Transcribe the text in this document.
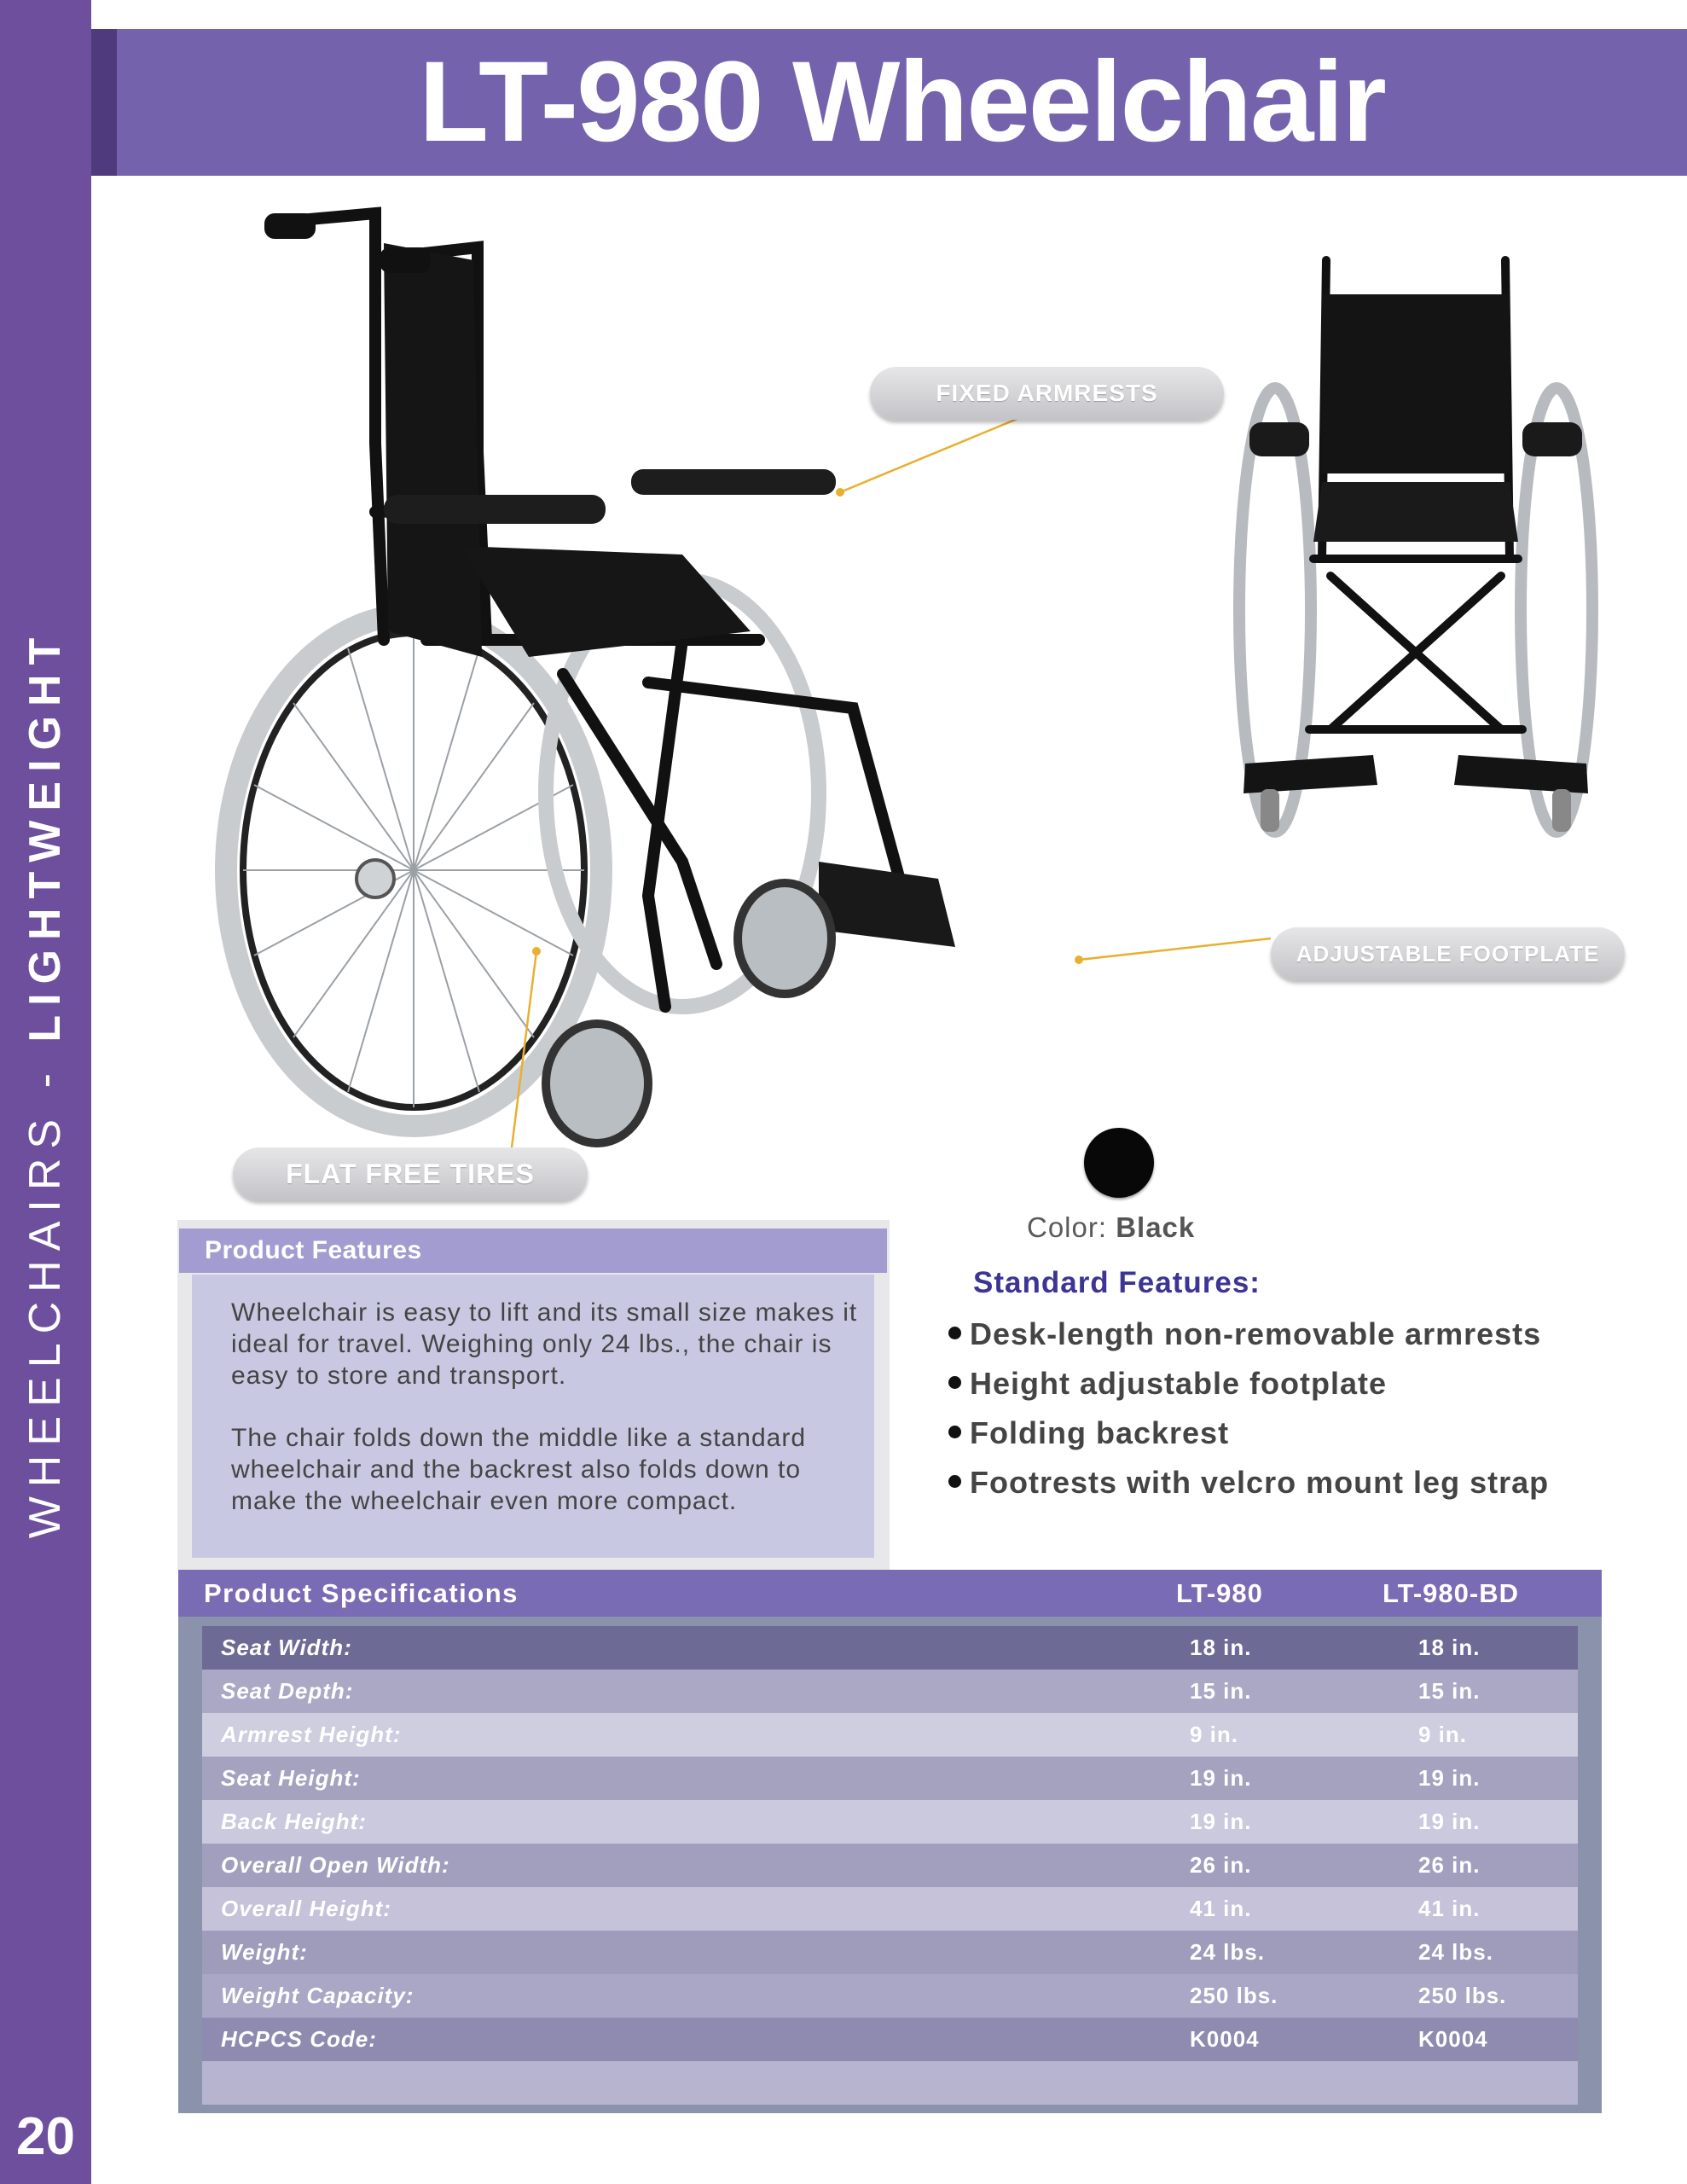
WHEELCHAIRS - LIGHTWEIGHT
20
LT-980 Wheelchair
FIXED ARMRESTS
ADJUSTABLE FOOTPLATE
FLAT FREE TIRES
Color: Black
Product Features

Wheelchair is easy to lift and its small size makes it ideal for travel. Weighing only 24 lbs., the chair is easy to store and transport.

The chair folds down the middle like a standard wheelchair and the backrest also folds down to make the wheelchair even more compact.

Standard Features:
Desk-length non-removable armrests
Height adjustable footplate
Folding backrest
Footrests with velcro mount leg strap
Product Specifications	LT-980	LT-980-BD
Seat Width:	18 in.	18 in.
Seat Depth:	15 in.	15 in.
Armrest Height:	9 in.	9 in.
Seat Height:	19 in.	19 in.
Back Height:	19 in.	19 in.
Overall Open Width:	26 in.	26 in.
Overall Height:	41 in.	41 in.
Weight:	24 lbs.	24 lbs.
Weight Capacity:	250 lbs.	250 lbs.
HCPCS Code:	K0004	K0004
